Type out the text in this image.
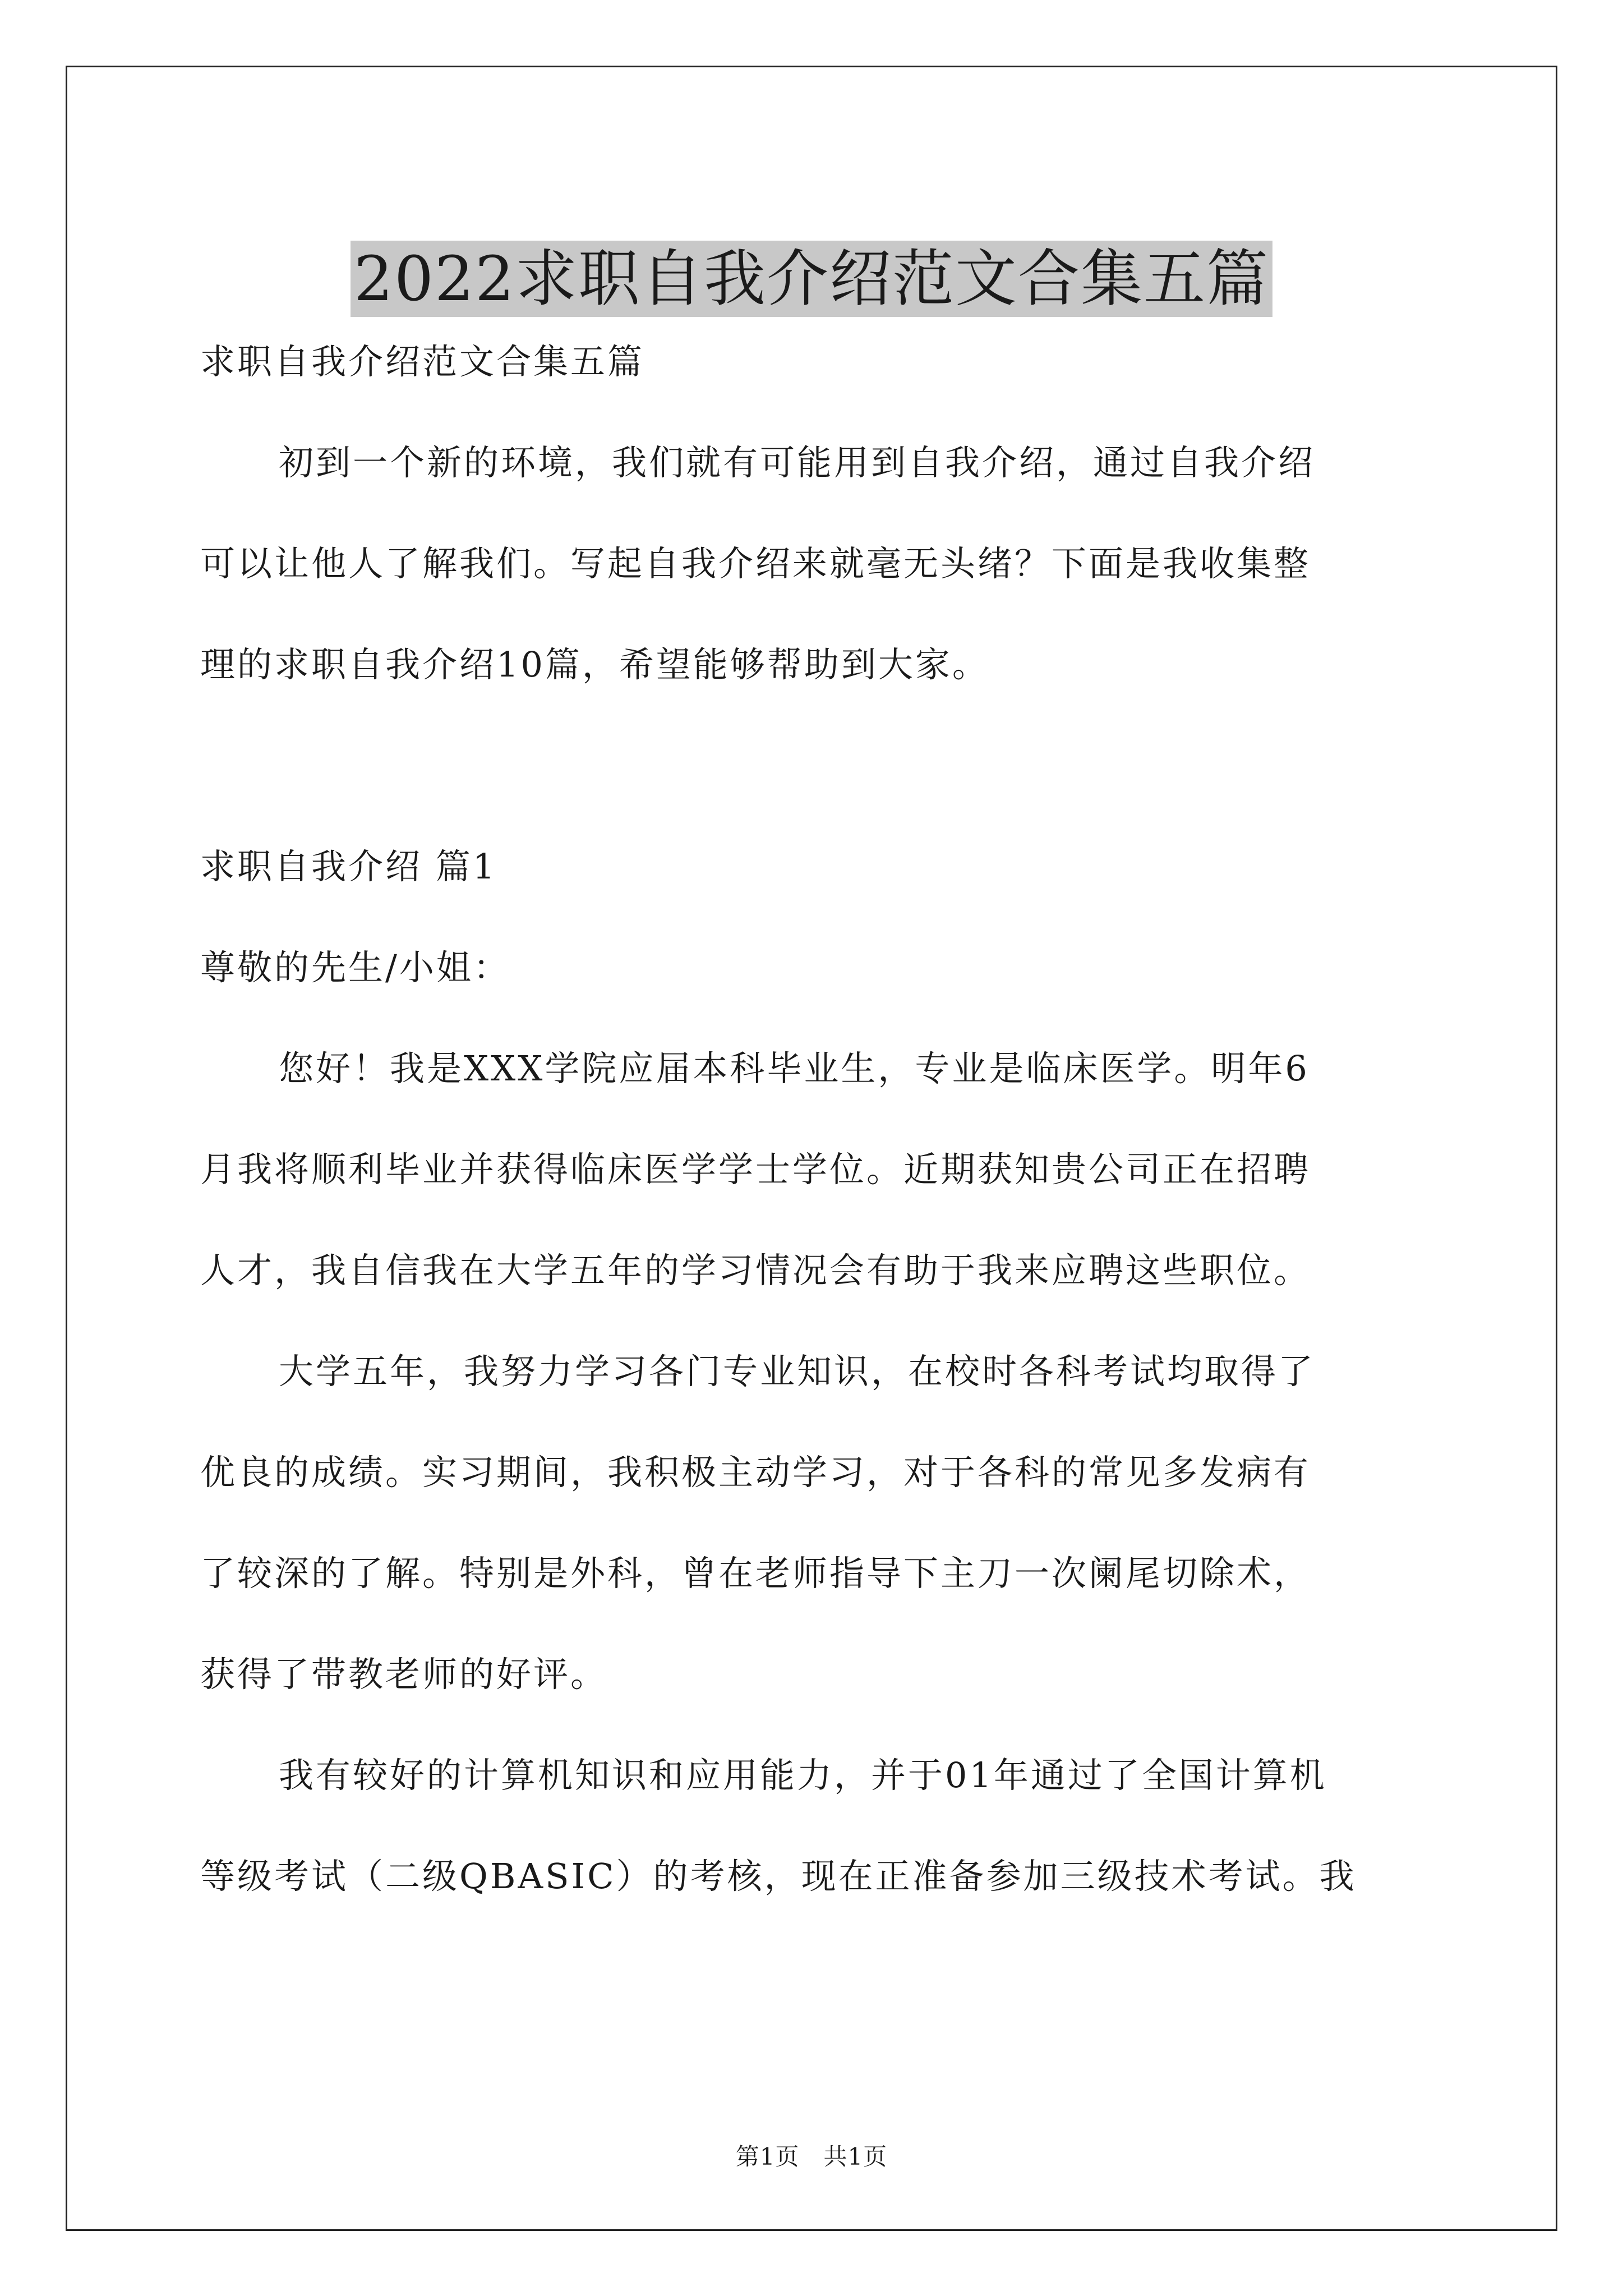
2022求职自我介绍范文合集五篇
求职自我介绍范文合集五篇
初到一个新的环境，我们就有可能用到自我介绍，通过自我介绍
可以让他人了解我们。写起自我介绍来就毫无头绪？下面是我收集整
理的求职自我介绍10篇，希望能够帮助到大家。
求职自我介绍 篇1
尊敬的先生/小姐：
您好！我是XXX学院应届本科毕业生，专业是临床医学。明年6
月我将顺利毕业并获得临床医学学士学位。近期获知贵公司正在招聘
人才，我自信我在大学五年的学习情况会有助于我来应聘这些职位。
大学五年，我努力学习各门专业知识，在校时各科考试均取得了
优良的成绩。实习期间，我积极主动学习，对于各科的常见多发病有
了较深的了解。特别是外科，曾在老师指导下主刀一次阑尾切除术，
获得了带教老师的好评。
我有较好的计算机知识和应用能力，并于01年通过了全国计算机
等级考试（二级QBASIC）的考核，现在正准备参加三级技术考试。我
第1页　共1页
